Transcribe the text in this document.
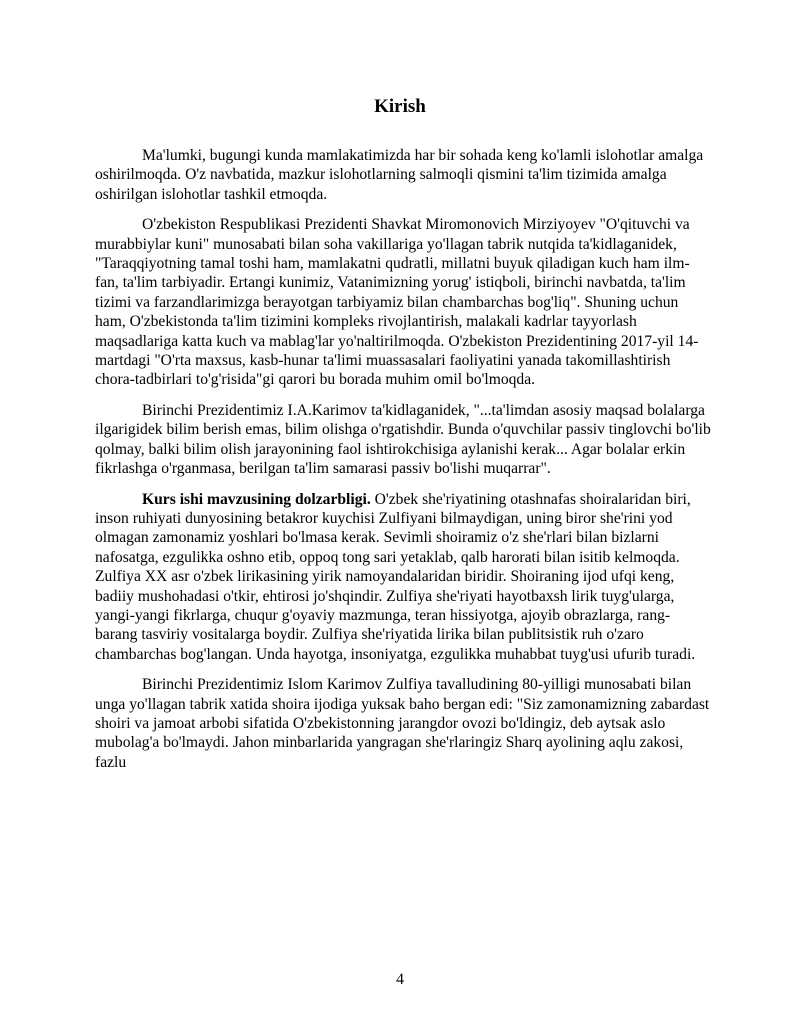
Kirish

Ma'lumki, bugungi kunda mamlakatimizda har bir sohada keng ko'lamli islohotlar amalga oshirilmoqda. O'z navbatida, mazkur islohotlarning salmoqli qismini ta'lim tizimida amalga oshirilgan islohotlar tashkil etmoqda.

O'zbekiston Respublikasi Prezidenti Shavkat Miromonovich Mirziyoyev "O'qituvchi va murabbiylar kuni" munosabati bilan soha vakillariga yo'llagan tabrik nutqida ta'kidlaganidek, "Taraqqiyotning tamal toshi ham, mamlakatni qudratli, millatni buyuk qiladigan kuch ham ilm-fan, ta'lim tarbiyadir. Ertangi kunimiz, Vatanimizning yorug' istiqboli, birinchi navbatda, ta'lim tizimi va farzandlarimizga berayotgan tarbiyamiz bilan chambarchas bog'liq". Shuning uchun ham, O'zbekistonda ta'lim tizimini kompleks rivojlantirish, malakali kadrlar tayyorlash maqsadlariga katta kuch va mablag'lar yo'naltirilmoqda. O'zbekiston Prezidentining 2017-yil 14-martdagi "O'rta maxsus, kasb-hunar ta'limi muassasalari faoliyatini yanada takomillashtirish chora-tadbirlari to'g'risida"gi qarori bu borada muhim omil bo'lmoqda.

Birinchi Prezidentimiz I.A.Karimov ta'kidlaganidek, "...ta'limdan asosiy maqsad bolalarga ilgarigidek bilim berish emas, bilim olishga o'rgatishdir. Bunda o'quvchilar passiv tinglovchi bo'lib qolmay, balki bilim olish jarayonining faol ishtirokchisiga aylanishi kerak... Agar bolalar erkin fikrlashga o'rganmasa, berilgan ta'lim samarasi passiv bo'lishi muqarrar".

Kurs ishi mavzusining dolzarbligi. O'zbek she'riyatining otashnafas shoiralaridan biri, inson ruhiyati dunyosining betakror kuychisi Zulfiyani bilmaydigan, uning biror she'rini yod olmagan zamonamiz yoshlari bo'lmasa kerak. Sevimli shoiramiz o'z she'rlari bilan bizlarni nafosatga, ezgulikka oshno etib, oppoq tong sari yetaklab, qalb harorati bilan isitib kelmoqda. Zulfiya XX asr o'zbek lirikasining yirik namoyandalaridan biridir. Shoiraning ijod ufqi keng, badiiy mushohadasi o'tkir, ehtirosi jo'shqindir. Zulfiya she'riyati hayotbaxsh lirik tuyg'ularga, yangi-yangi fikrlarga, chuqur g'oyaviy mazmunga, teran hissiyotga, ajoyib obrazlarga, rang-barang tasviriy vositalarga boydir. Zulfiya she'riyatida lirika bilan publitsistik ruh o'zaro chambarchas bog'langan. Unda hayotga, insoniyatga, ezgulikka muhabbat tuyg'usi ufurib turadi.

Birinchi Prezidentimiz Islom Karimov Zulfiya tavalludining 80-yilligi munosabati bilan unga yo'llagan tabrik xatida shoira ijodiga yuksak baho bergan edi: "Siz zamonamizning zabardast shoiri va jamoat arbobi sifatida O'zbekistonning jarangdor ovozi bo'ldingiz, deb aytsak aslo mubolag'a bo'lmaydi. Jahon minbarlarida yangragan she'rlaringiz Sharq ayolining aqlu zakosi, fazlu

4
